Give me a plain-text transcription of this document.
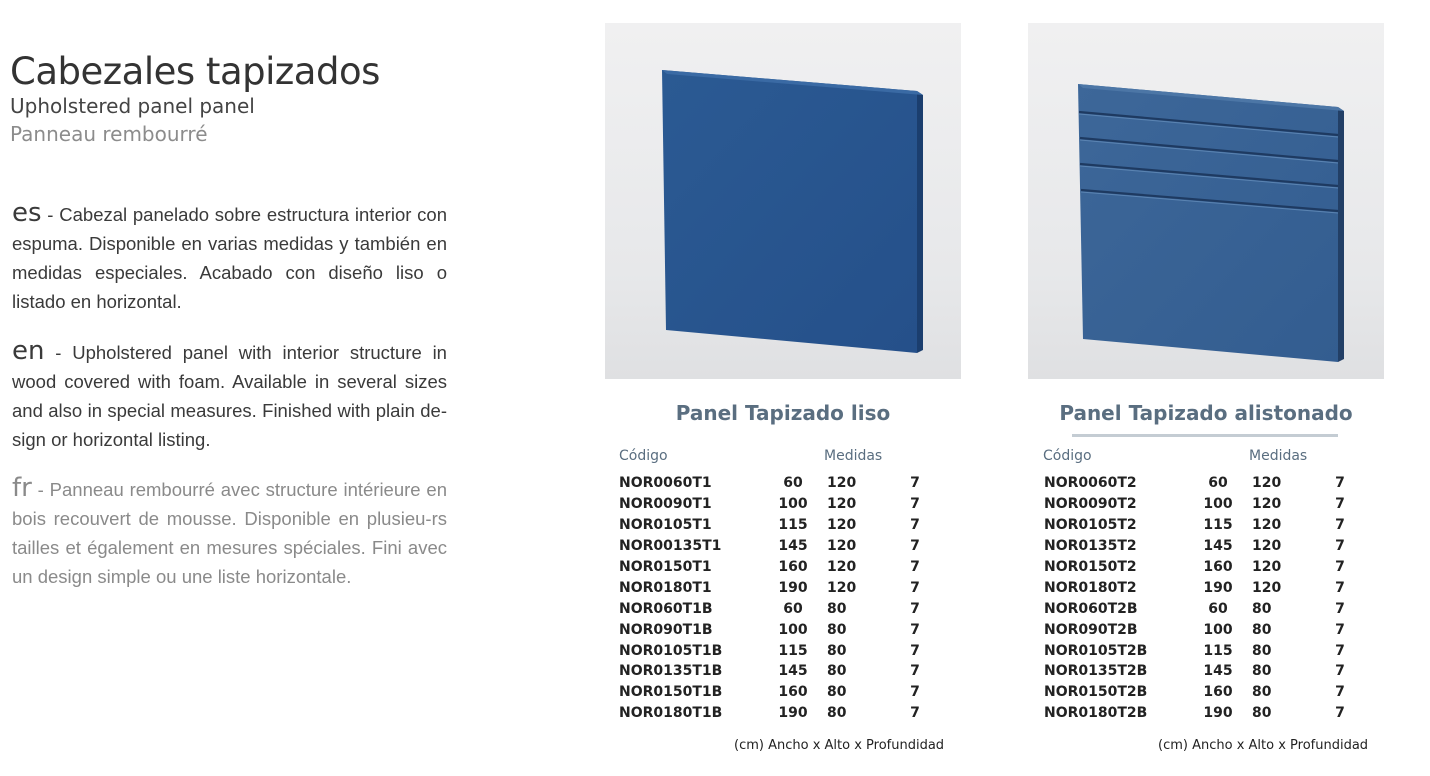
Cabezales tapizados
Upholstered panel panel
Panneau rembourré

es - Cabezal panelado sobre estructura interior con espuma. Disponible en varias medidas y también en medidas especiales. Acabado con diseño liso o listado en horizontal.

en - Upholstered panel with interior structure in wood covered with foam. Available in several sizes and also in special measures. Finished with plain de-sign or horizontal listing.

fr - Panneau rembourré avec structure intérieure en bois recouvert de mousse. Disponible en plusieu-rs tailles et également en mesures spéciales. Fini avec un design simple ou une liste horizontale.

Panel Tapizado liso	Panel Tapizado alistonado
Código	Medidas	Código	Medidas
NOR0060T1	60	120	7
NOR0090T1	100	120	7
NOR0105T1	115	120	7
NOR00135T1	145	120	7
NOR0150T1	160	120	7
NOR0180T1	190	120	7
NOR060T1B	60	80	7
NOR090T1B	100	80	7
NOR0105T1B	115	80	7
NOR0135T1B	145	80	7
NOR0150T1B	160	80	7
NOR0180T1B	190	80	7
NOR0060T2	60	120	7
NOR0090T2	100	120	7
NOR0105T2	115	120	7
NOR0135T2	145	120	7
NOR0150T2	160	120	7
NOR0180T2	190	120	7
NOR060T2B	60	80	7
NOR090T2B	100	80	7
NOR0105T2B	115	80	7
NOR0135T2B	145	80	7
NOR0150T2B	160	80	7
NOR0180T2B	190	80	7
(cm) Ancho x Alto x Profundidad	(cm) Ancho x Alto x Profundidad
